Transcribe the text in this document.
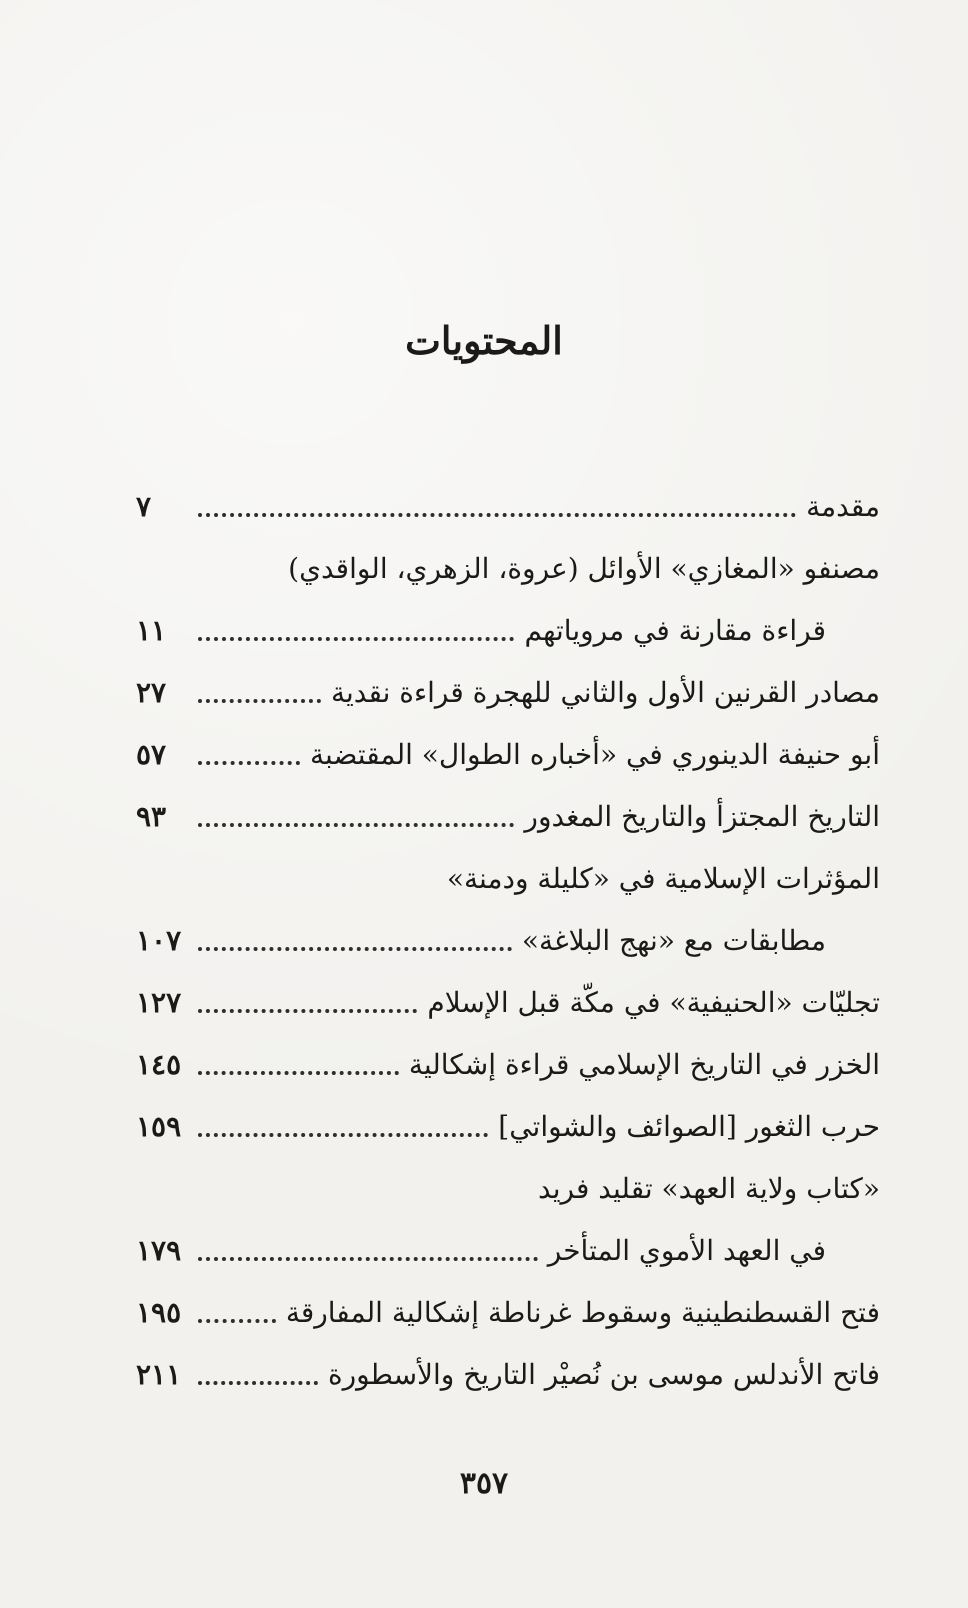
المحتويات
مقدمة
٧
مصنفو «المغازي» الأوائل (عروة، الزهري، الواقدي)
قراءة مقارنة في مروياتهم
١١
مصادر القرنين الأول والثاني للهجرة قراءة نقدية
٢٧
أبو حنيفة الدينوري في «أخباره الطوال» المقتضبة
٥٧
التاريخ المجتزأ والتاريخ المغدور
٩٣
المؤثرات الإسلامية في «كليلة ودمنة»
مطابقات مع «نهج البلاغة»
١٠٧
تجليّات «الحنيفية» في مكّة قبل الإسلام
١٢٧
الخزر في التاريخ الإسلامي قراءة إشكالية
١٤٥
حرب الثغور [الصوائف والشواتي]
١٥٩
«كتاب ولاية العهد» تقليد فريد
في العهد الأموي المتأخر
١٧٩
فتح القسطنطينية وسقوط غرناطة إشكالية المفارقة
١٩٥
فاتح الأندلس موسى بن نُصيْر التاريخ والأسطورة
٢١١
٣٥٧
